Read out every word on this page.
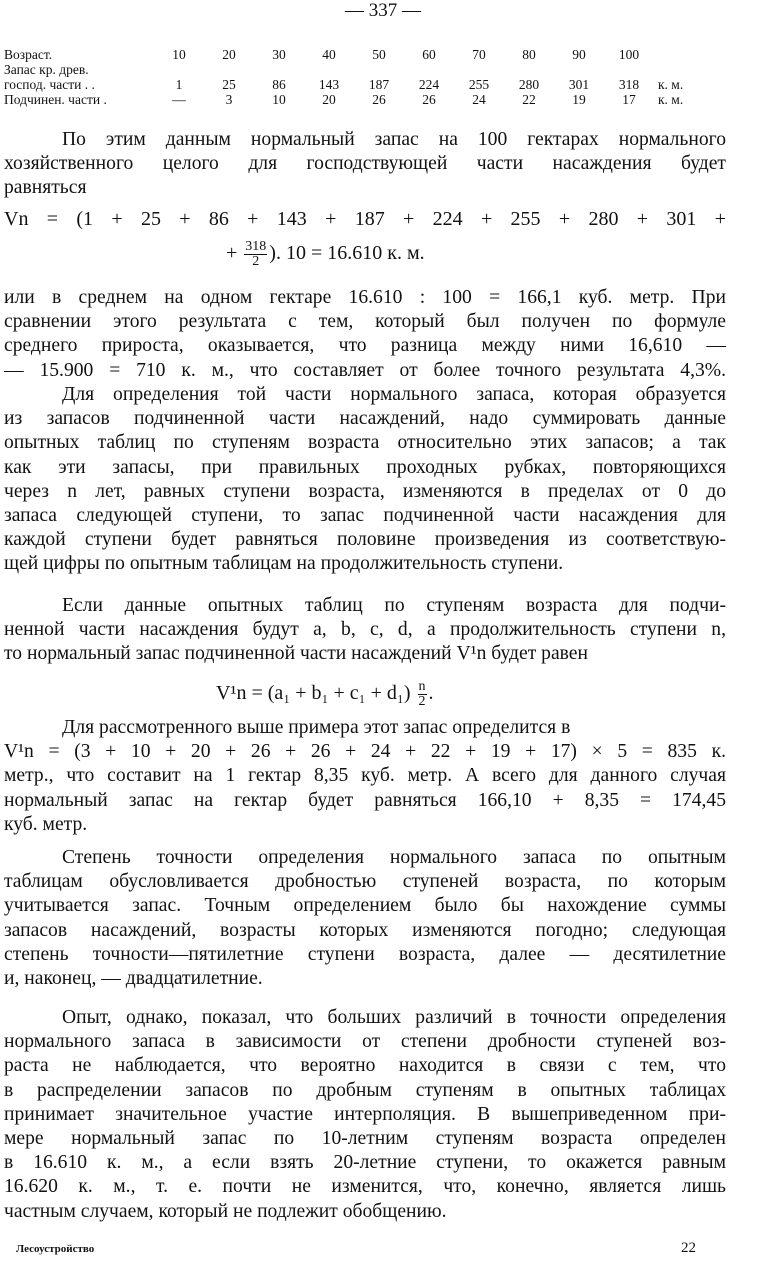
— 337 —
Возраст.	10	20	30	40	50	60	70	80	90	100	
Запас кр. древ.											
господ. части . .	1	25	86	143	187	224	255	280	301	318	к. м.
Подчинен. части .	—	3	10	20	26	26	24	22	19	17	к. м.
По этим данным нормальный запас на 100 гектарах нормального
хозяйственного целого для господствующей части насаждения будет
равняться
Vn = (1 + 25 + 86 + 143 + 187 + 224 + 255 + 280 + 301 +
+ $\frac{318}{2}$ ). 10 = 16.610 к. м.
или в среднем на одном гектаре 16.610 : 100 = 166,1 куб. метр. При
сравнении этого результата с тем, который был получен по формуле
среднего прироста, оказывается, что разница между ними 16,610 —
— 15.900 = 710 к. м., что составляет от более точного результата 4,3%.
Для определения той части нормального запаса, которая образуется
из запасов подчиненной части насаждений, надо суммировать данные
опытных таблиц по ступеням возраста относительно этих запасов; а так
как эти запасы, при правильных проходных рубках, повторяющихся
через n лет, равных ступени возраста, изменяются в пределах от 0 до
запаса следующей ступени, то запас подчиненной части насаждения для
каждой ступени будет равняться половине произведения из соответствую-
щей цифры по опытным таблицам на продолжительность ступени.
Если данные опытных таблиц по ступеням возраста для подчи-
ненной части насаждения будут a, b, c, d, а продолжительность ступени n,
то нормальный запас подчиненной части насаждений V¹n будет равен
$V^1n = (a_1 + b_1 + c_1 + d_1) \frac{n}{2}$ .
Для рассмотренного выше примера этот запас определится в
V¹n = (3 + 10 + 20 + 26 + 26 + 24 + 22 + 19 + 17) × 5 = 835 к.
метр., что составит на 1 гектар 8,35 куб. метр. А всего для данного случая
нормальный запас на гектар будет равняться 166,10 + 8,35 = 174,45
куб. метр.
Степень точности определения нормального запаса по опытным
таблицам обусловливается дробностью ступеней возраста, по которым
учитывается запас. Точным определением было бы нахождение суммы
запасов насаждений, возрасты которых изменяются погодно; следующая
степень точности—пятилетние ступени возраста, далее — десятилетние
и, наконец, — двадцатилетние.
Опыт, однако, показал, что больших различий в точности определения
нормального запаса в зависимости от степени дробности ступеней воз-
раста не наблюдается, что вероятно находится в связи с тем, что
в распределении запасов по дробным ступеням в опытных таблицах
принимает значительное участие интерполяция. В вышеприведенном при-
мере нормальный запас по 10-летним ступеням возраста определен
в 16.610 к. м., а если взять 20-летние ступени, то окажется равным
16.620 к. м., т. е. почти не изменится, что, конечно, является лишь
частным случаем, который не подлежит обобщению.
Лесоустройство	22
